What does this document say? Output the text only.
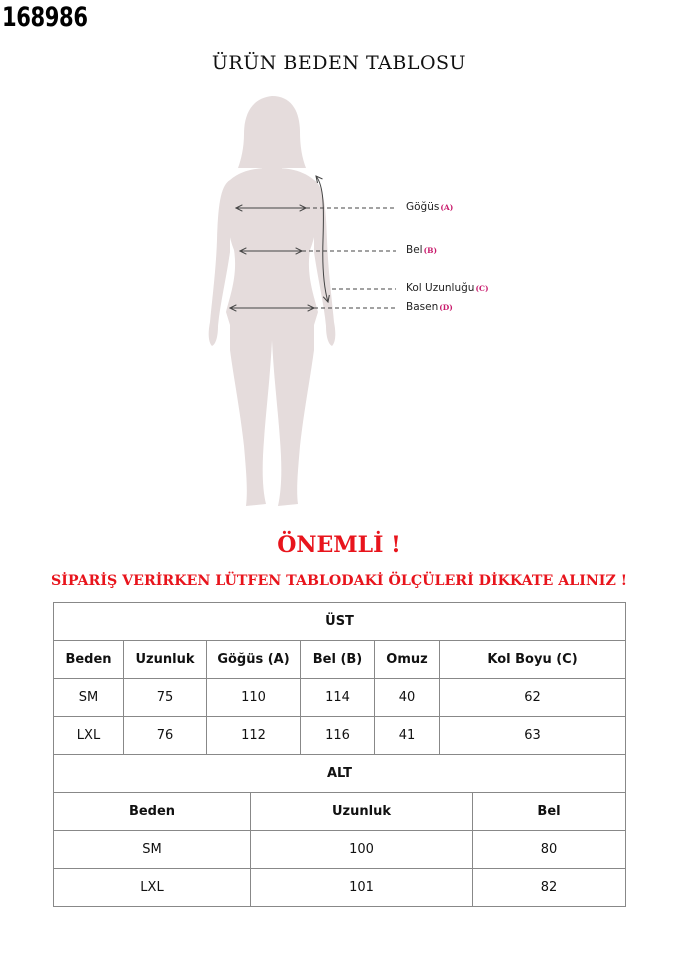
168986
ÜRÜN BEDEN TABLOSU
Göğüs(A)
Bel(B)
Kol Uzunluğu(C)
Basen(D)
ÖNEMLİ !
SİPARİŞ VERİRKEN LÜTFEN TABLODAKİ ÖLÇÜLERİ DİKKATE ALINIZ !
ÜST					
Beden	Uzunluk	Göğüs (A)	Bel (B)	Omuz	Kol Boyu (C)
SM	75	110	114	40	62
LXL	76	112	116	41	63
ALT		
Beden	Uzunluk	Bel
SM	100	80
LXL	101	82
